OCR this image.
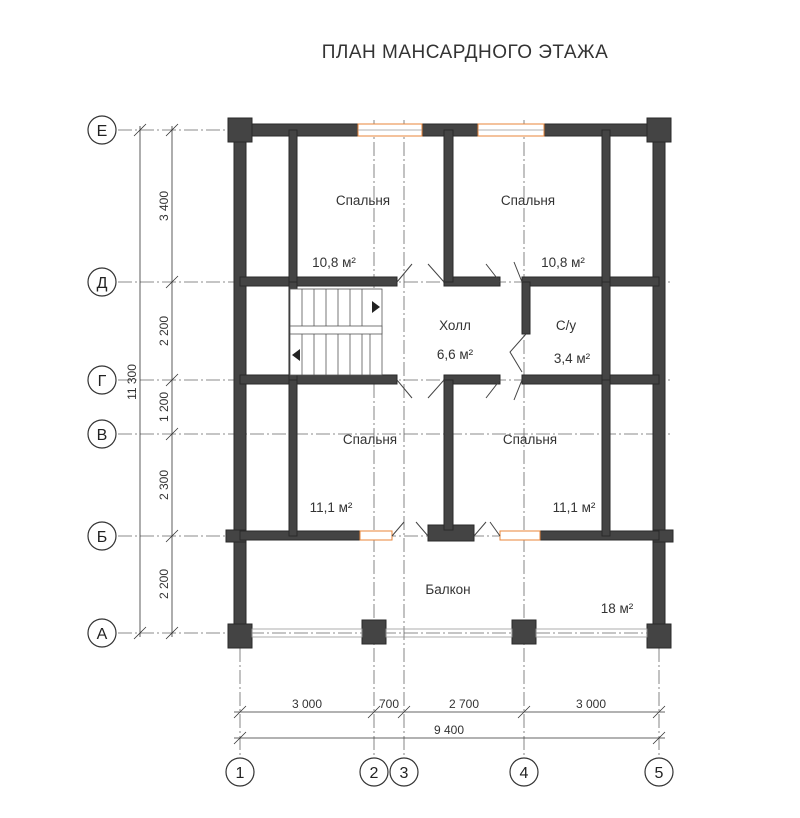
ПЛАН МАНСАРДНОГО ЭТАЖА
Спальня
10,8 м²
Спальня
10,8 м²
Холл
6,6 м²
С/у
3,4 м²
Спальня
11,1 м²
Спальня
11,1 м²
Балкон
18 м²
Е
Д
Г
В
Б
А
1	2 3	4	5
3 400
2 200
1 200
2 300
2 200
11 300
3 000	700	2 700	3 000
9 400
